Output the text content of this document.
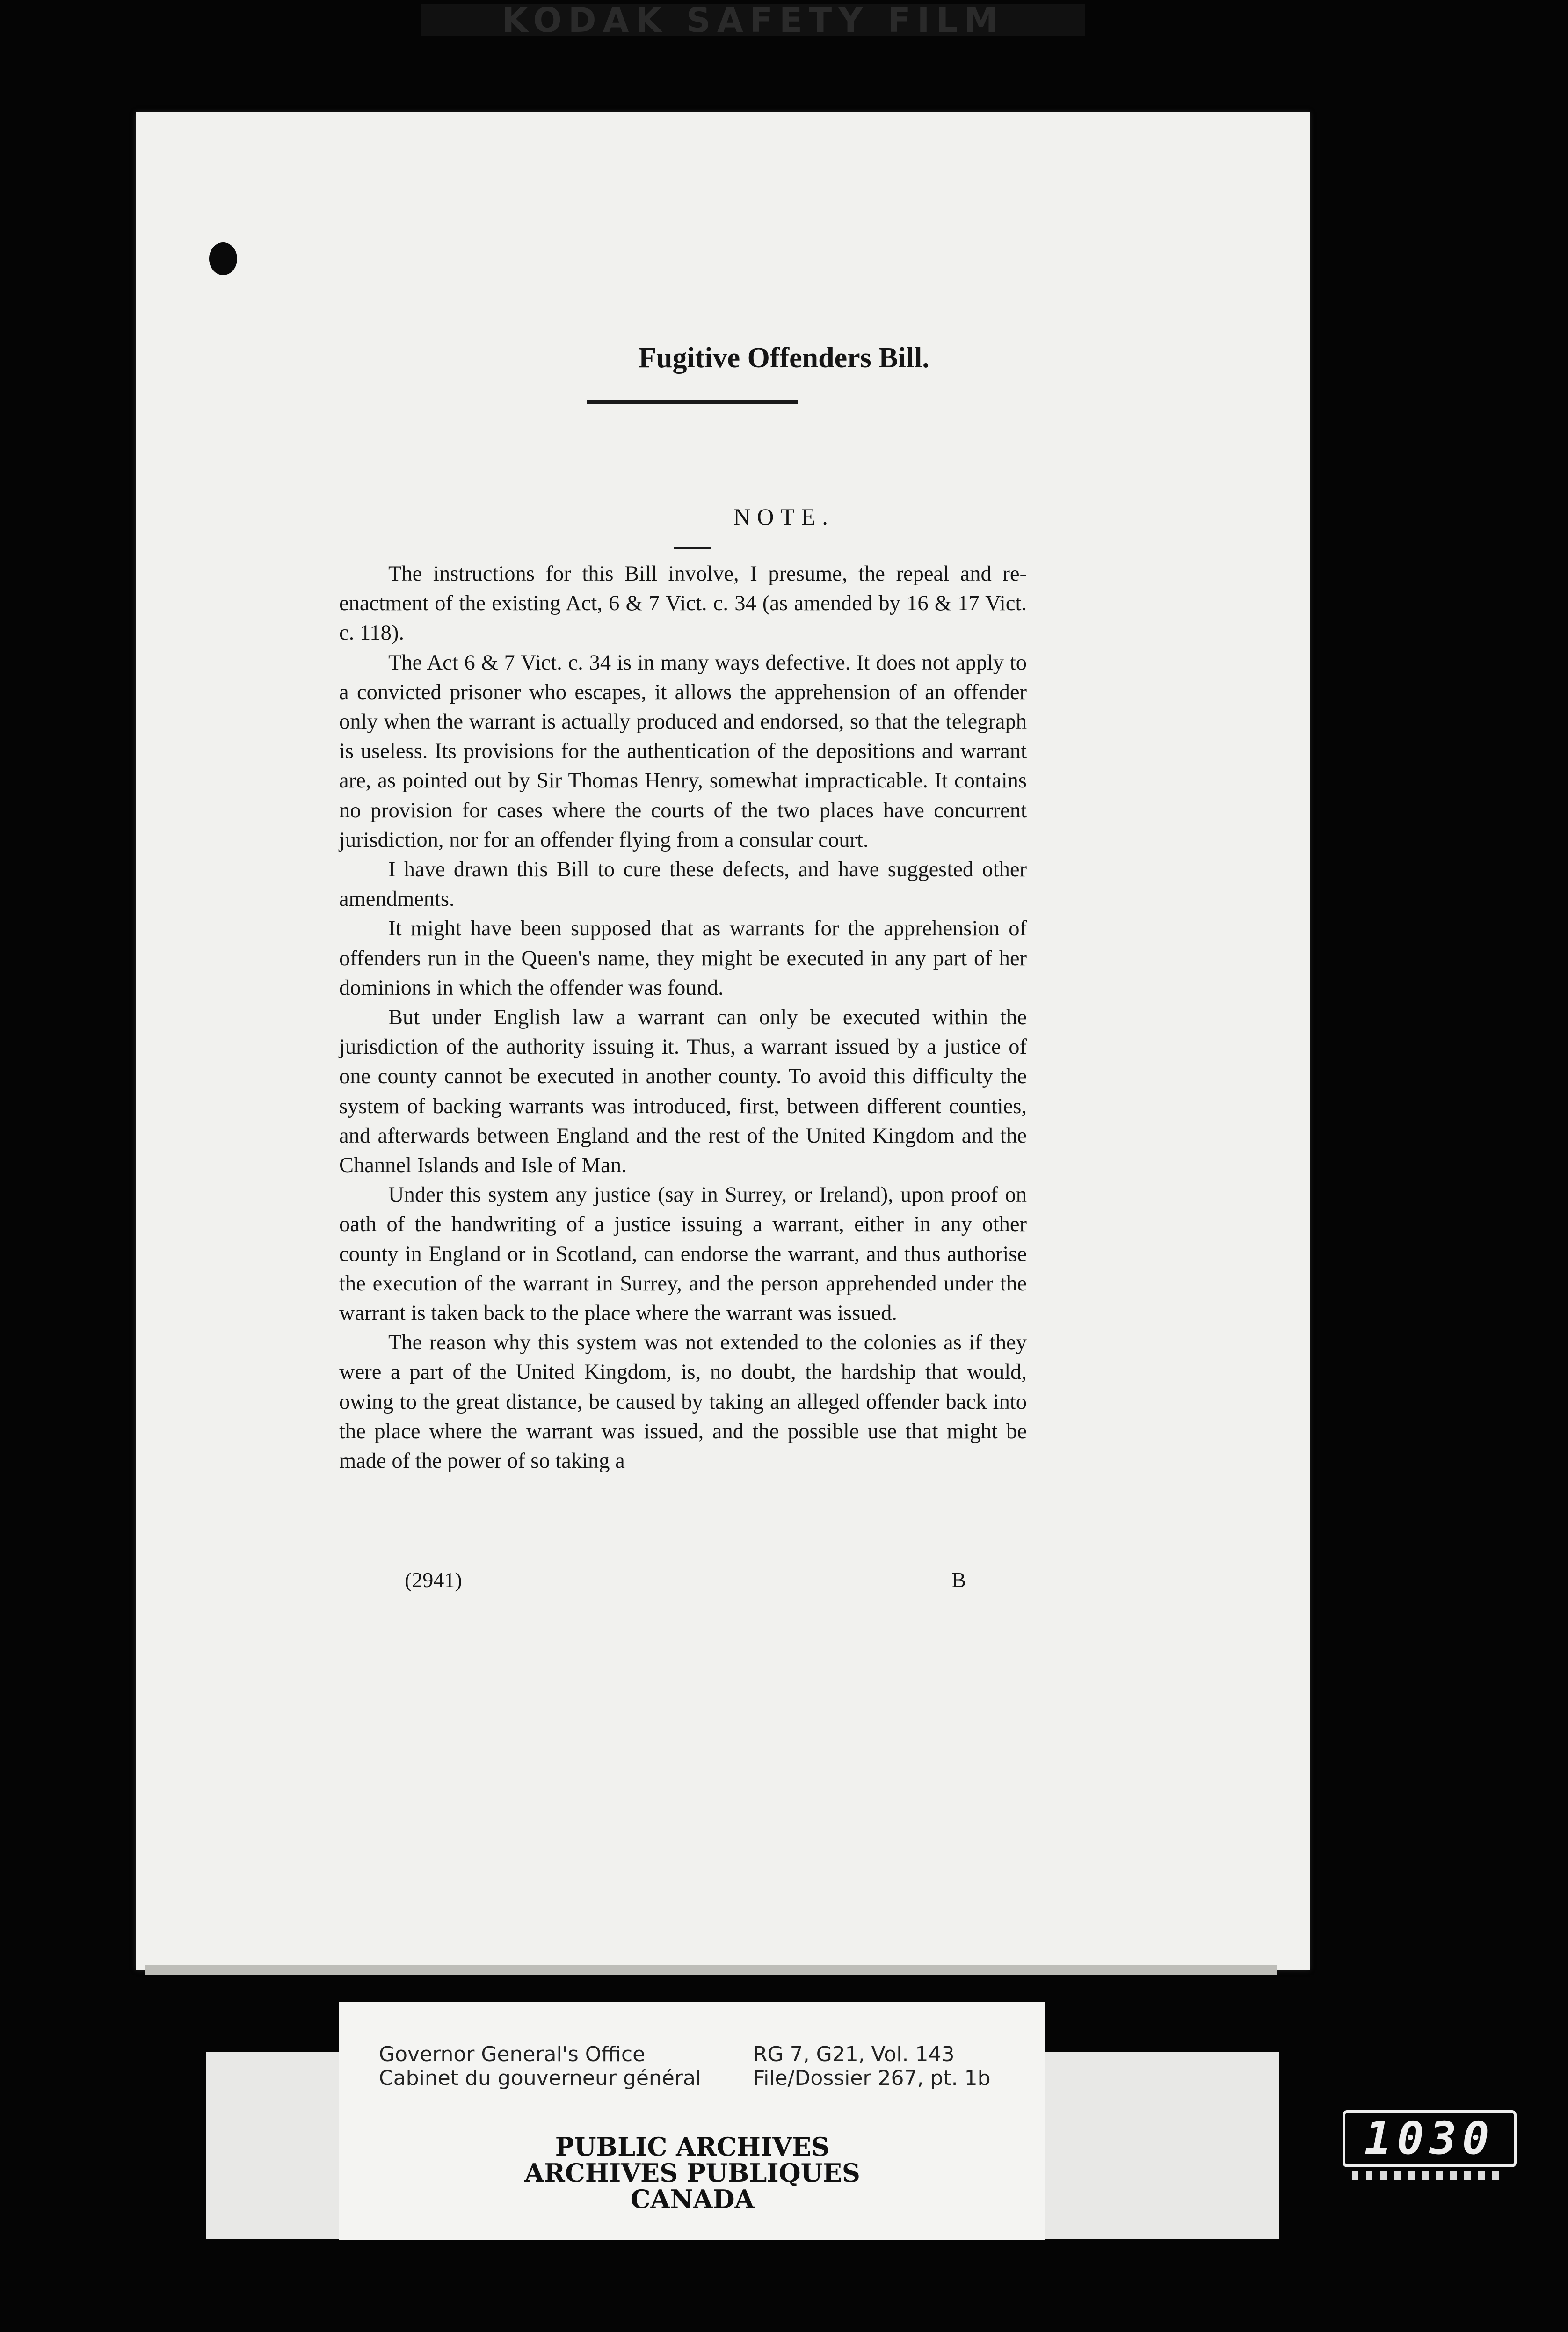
KODAK SAFETY FILM
Fugitive Offenders Bill.
NOTE.

The instructions for this Bill involve, I presume, the repeal and re-enactment of the existing Act, 6 & 7 Vict. c. 34 (as amended by 16 & 17 Vict. c. 118).

The Act 6 & 7 Vict. c. 34 is in many ways defective. It does not apply to a convicted prisoner who escapes, it allows the apprehension of an offender only when the warrant is actually produced and endorsed, so that the telegraph is useless. Its provisions for the authentication of the depositions and warrant are, as pointed out by Sir Thomas Henry, somewhat impracticable. It contains no provision for cases where the courts of the two places have concurrent jurisdiction, nor for an offender flying from a consular court.

I have drawn this Bill to cure these defects, and have suggested other amendments.

It might have been supposed that as warrants for the apprehension of offenders run in the Queen's name, they might be executed in any part of her dominions in which the offender was found.

But under English law a warrant can only be executed within the jurisdiction of the authority issuing it. Thus, a warrant issued by a justice of one county cannot be executed in another county. To avoid this difficulty the system of backing warrants was introduced, first, between different counties, and afterwards between England and the rest of the United Kingdom and the Channel Islands and Isle of Man.

Under this system any justice (say in Surrey, or Ireland), upon proof on oath of the handwriting of a justice issuing a warrant, either in any other county in England or in Scotland, can endorse the warrant, and thus authorise the execution of the warrant in Surrey, and the person apprehended under the warrant is taken back to the place where the warrant was issued.

The reason why this system was not extended to the colonies as if they were a part of the United Kingdom, is, no doubt, the hardship that would, owing to the great distance, be caused by taking an alleged offender back into the place where the warrant was issued, and the possible use that might be made of the power of so taking a

(2941)	B
Governor General's Office
Cabinet du gouverneur général
RG 7, G21, Vol. 143
File/Dossier 267, pt. 1b
PUBLIC ARCHIVES
ARCHIVES PUBLIQUES
CANADA
1030
